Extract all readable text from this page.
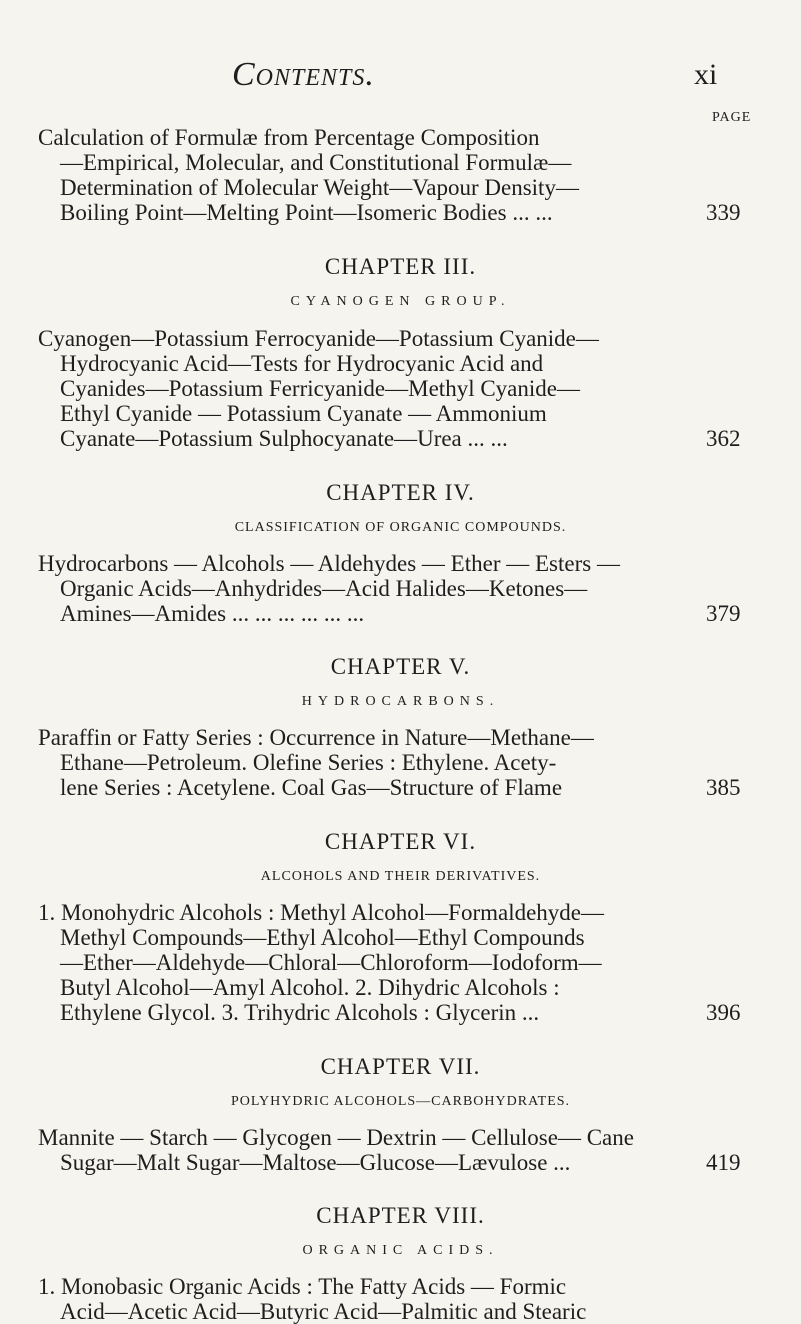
Contents.	xi
PAGE
Calculation of Formulæ from Percentage Composition
—Empirical, Molecular, and Constitutional Formulæ—
Determination of Molecular Weight—Vapour Density—
Boiling Point—Melting Point—Isomeric Bodies ... ...	339
CHAPTER III.
CYANOGEN GROUP.
Cyanogen—Potassium Ferrocyanide—Potassium Cyanide—
Hydrocyanic Acid—Tests for Hydrocyanic Acid and
Cyanides—Potassium Ferricyanide—Methyl Cyanide—
Ethyl Cyanide — Potassium Cyanate — Ammonium
Cyanate—Potassium Sulphocyanate—Urea ... ...	362
CHAPTER IV.
CLASSIFICATION OF ORGANIC COMPOUNDS.
Hydrocarbons — Alcohols — Aldehydes — Ether — Esters —
Organic Acids—Anhydrides—Acid Halides—Ketones—
Amines—Amides ... ... ... ... ... ...	379
CHAPTER V.
HYDROCARBONS.
Paraffin or Fatty Series : Occurrence in Nature—Methane—
Ethane—Petroleum. Olefine Series : Ethylene. Acety-
lene Series : Acetylene. Coal Gas—Structure of Flame	385
CHAPTER VI.
ALCOHOLS AND THEIR DERIVATIVES.
1. Monohydric Alcohols : Methyl Alcohol—Formaldehyde—
Methyl Compounds—Ethyl Alcohol—Ethyl Compounds
—Ether—Aldehyde—Chloral—Chloroform—Iodoform—
Butyl Alcohol—Amyl Alcohol. 2. Dihydric Alcohols :
Ethylene Glycol. 3. Trihydric Alcohols : Glycerin ...	396
CHAPTER VII.
POLYHYDRIC ALCOHOLS—CARBOHYDRATES.
Mannite — Starch — Glycogen — Dextrin — Cellulose— Cane
Sugar—Malt Sugar—Maltose—Glucose—Lævulose ...	419
CHAPTER VIII.
ORGANIC ACIDS.
1. Monobasic Organic Acids : The Fatty Acids — Formic
Acid—Acetic Acid—Butyric Acid—Palmitic and Stearic
